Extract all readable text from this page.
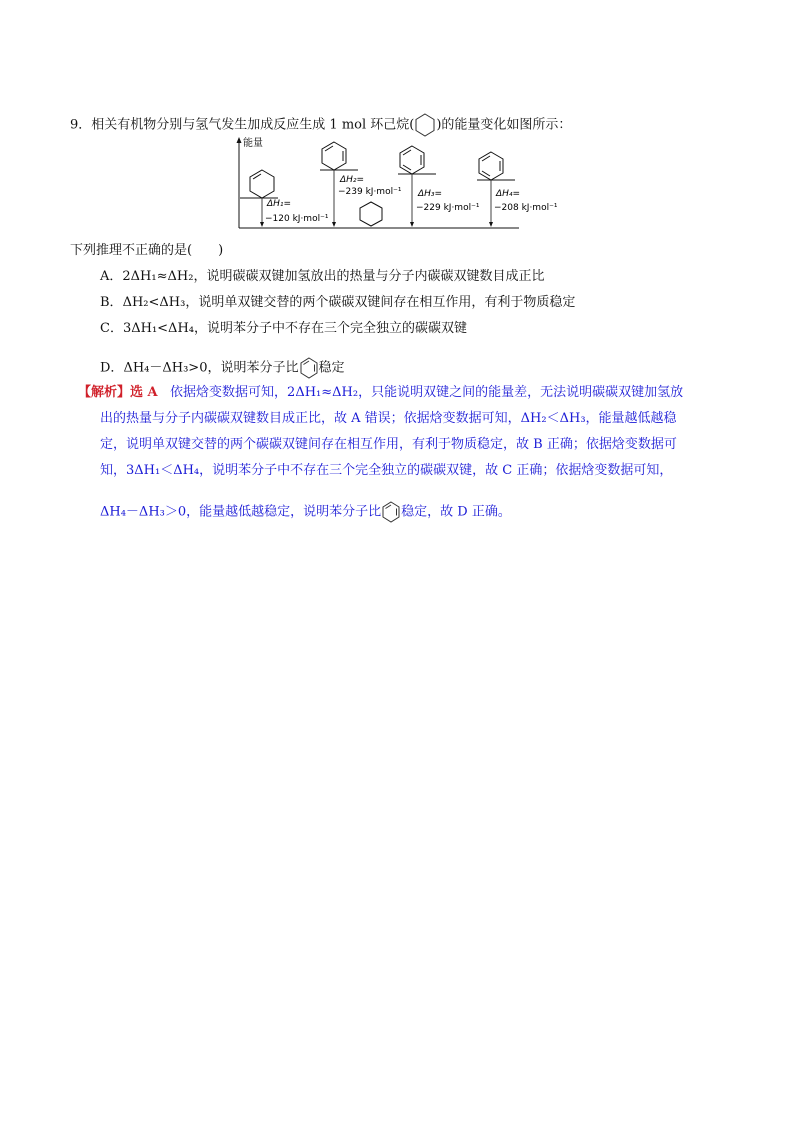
9．相关有机物分别与氢气发生加成反应生成 1 mol 环己烷( )的能量变化如图所示：
能量
ΔH₁=
−120 kJ·mol⁻¹
ΔH₂=
−239 kJ·mol⁻¹ ΔH₃=
−229 kJ·mol⁻¹
ΔH₄=
−208 kJ·mol⁻¹
下列推理不正确的是(　　)
A．2ΔH₁≈ΔH₂，说明碳碳双键加氢放出的热量与分子内碳碳双键数目成正比
B．ΔH₂<ΔH₃，说明单双键交替的两个碳碳双键间存在相互作用，有利于物质稳定
C．3ΔH₁<ΔH₄，说明苯分子中不存在三个完全独立的碳碳双键
D．ΔH₄－ΔH₃>0，说明苯分子比 稳定
【解析】选 A 依据焓变数据可知，2ΔH₁≈ΔH₂，只能说明双键之间的能量差，无法说明碳碳双键加氢放
出的热量与分子内碳碳双键数目成正比，故 A 错误；依据焓变数据可知，ΔH₂＜ΔH₃，能量越低越稳
定，说明单双键交替的两个碳碳双键间存在相互作用，有利于物质稳定，故 B 正确；依据焓变数据可
知，3ΔH₁＜ΔH₄，说明苯分子中不存在三个完全独立的碳碳双键，故 C 正确；依据焓变数据可知，
ΔH₄－ΔH₃＞0，能量越低越稳定，说明苯分子比 稳定，故 D 正确。
